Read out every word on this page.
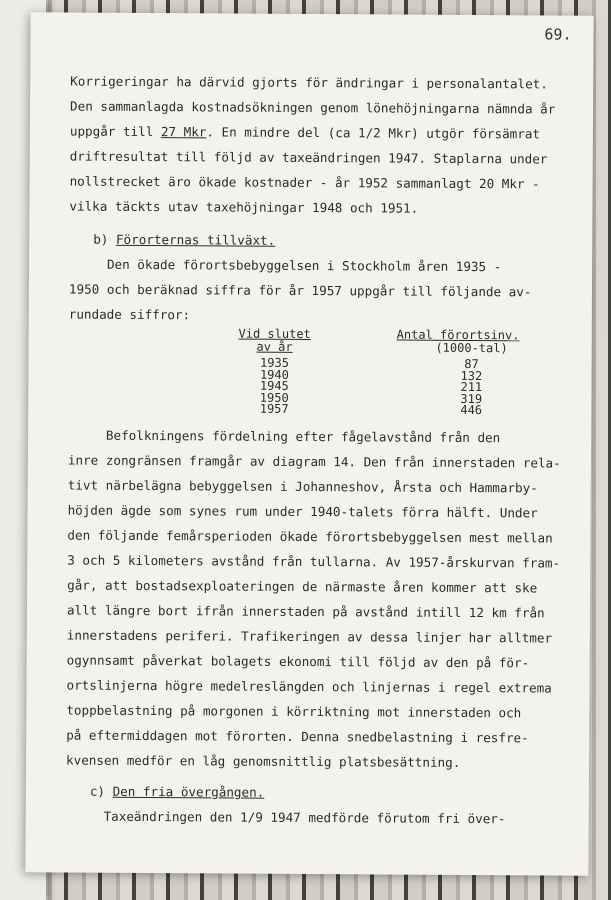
69.
Korrigeringar ha därvid gjorts för ändringar i personalantalet.
Den sammanlagda kostnadsökningen genom lönehöjningarna nämnda år
uppgår till 27 Mkr. En mindre del (ca 1/2 Mkr) utgör försämrat
driftresultat till följd av taxeändringen 1947. Staplarna under
nollstrecket äro ökade kostnader - år 1952 sammanlagt 20 Mkr -
vilka täckts utav taxehöjningar 1948 och 1951.
b) Förorternas tillväxt.
Den ökade förortsbebyggelsen i Stockholm åren 1935 -
1950 och beräknad siffra för år 1957 uppgår till följande av-
rundade siffror:
Vid slutet
av år
1935
1940
1945
1950
1957
Antal förortsinv.
(1000-tal)
87
132
211
319
446
Befolkningens fördelning efter fågelavstånd från den
inre zongränsen framgår av diagram 14. Den från innerstaden rela-
tivt närbelägna bebyggelsen i Johanneshov, Årsta och Hammarby-
höjden ägde som synes rum under 1940-talets förra hälft. Under
den följande femårsperioden ökade förortsbebyggelsen mest mellan
3 och 5 kilometers avstånd från tullarna. Av 1957-årskurvan fram-
går, att bostadsexploateringen de närmaste åren kommer att ske
allt längre bort ifrån innerstaden på avstånd intill 12 km från
innerstadens periferi. Trafikeringen av dessa linjer har alltmer
ogynnsamt påverkat bolagets ekonomi till följd av den på för-
ortslinjerna högre medelreslängden och linjernas i regel extrema
toppbelastning på morgonen i körriktning mot innerstaden och
på eftermiddagen mot förorten. Denna snedbelastning i resfre-
kvensen medför en låg genomsnittlig platsbesättning.
c) Den fria övergången.
Taxeändringen den 1/9 1947 medförde förutom fri över-
